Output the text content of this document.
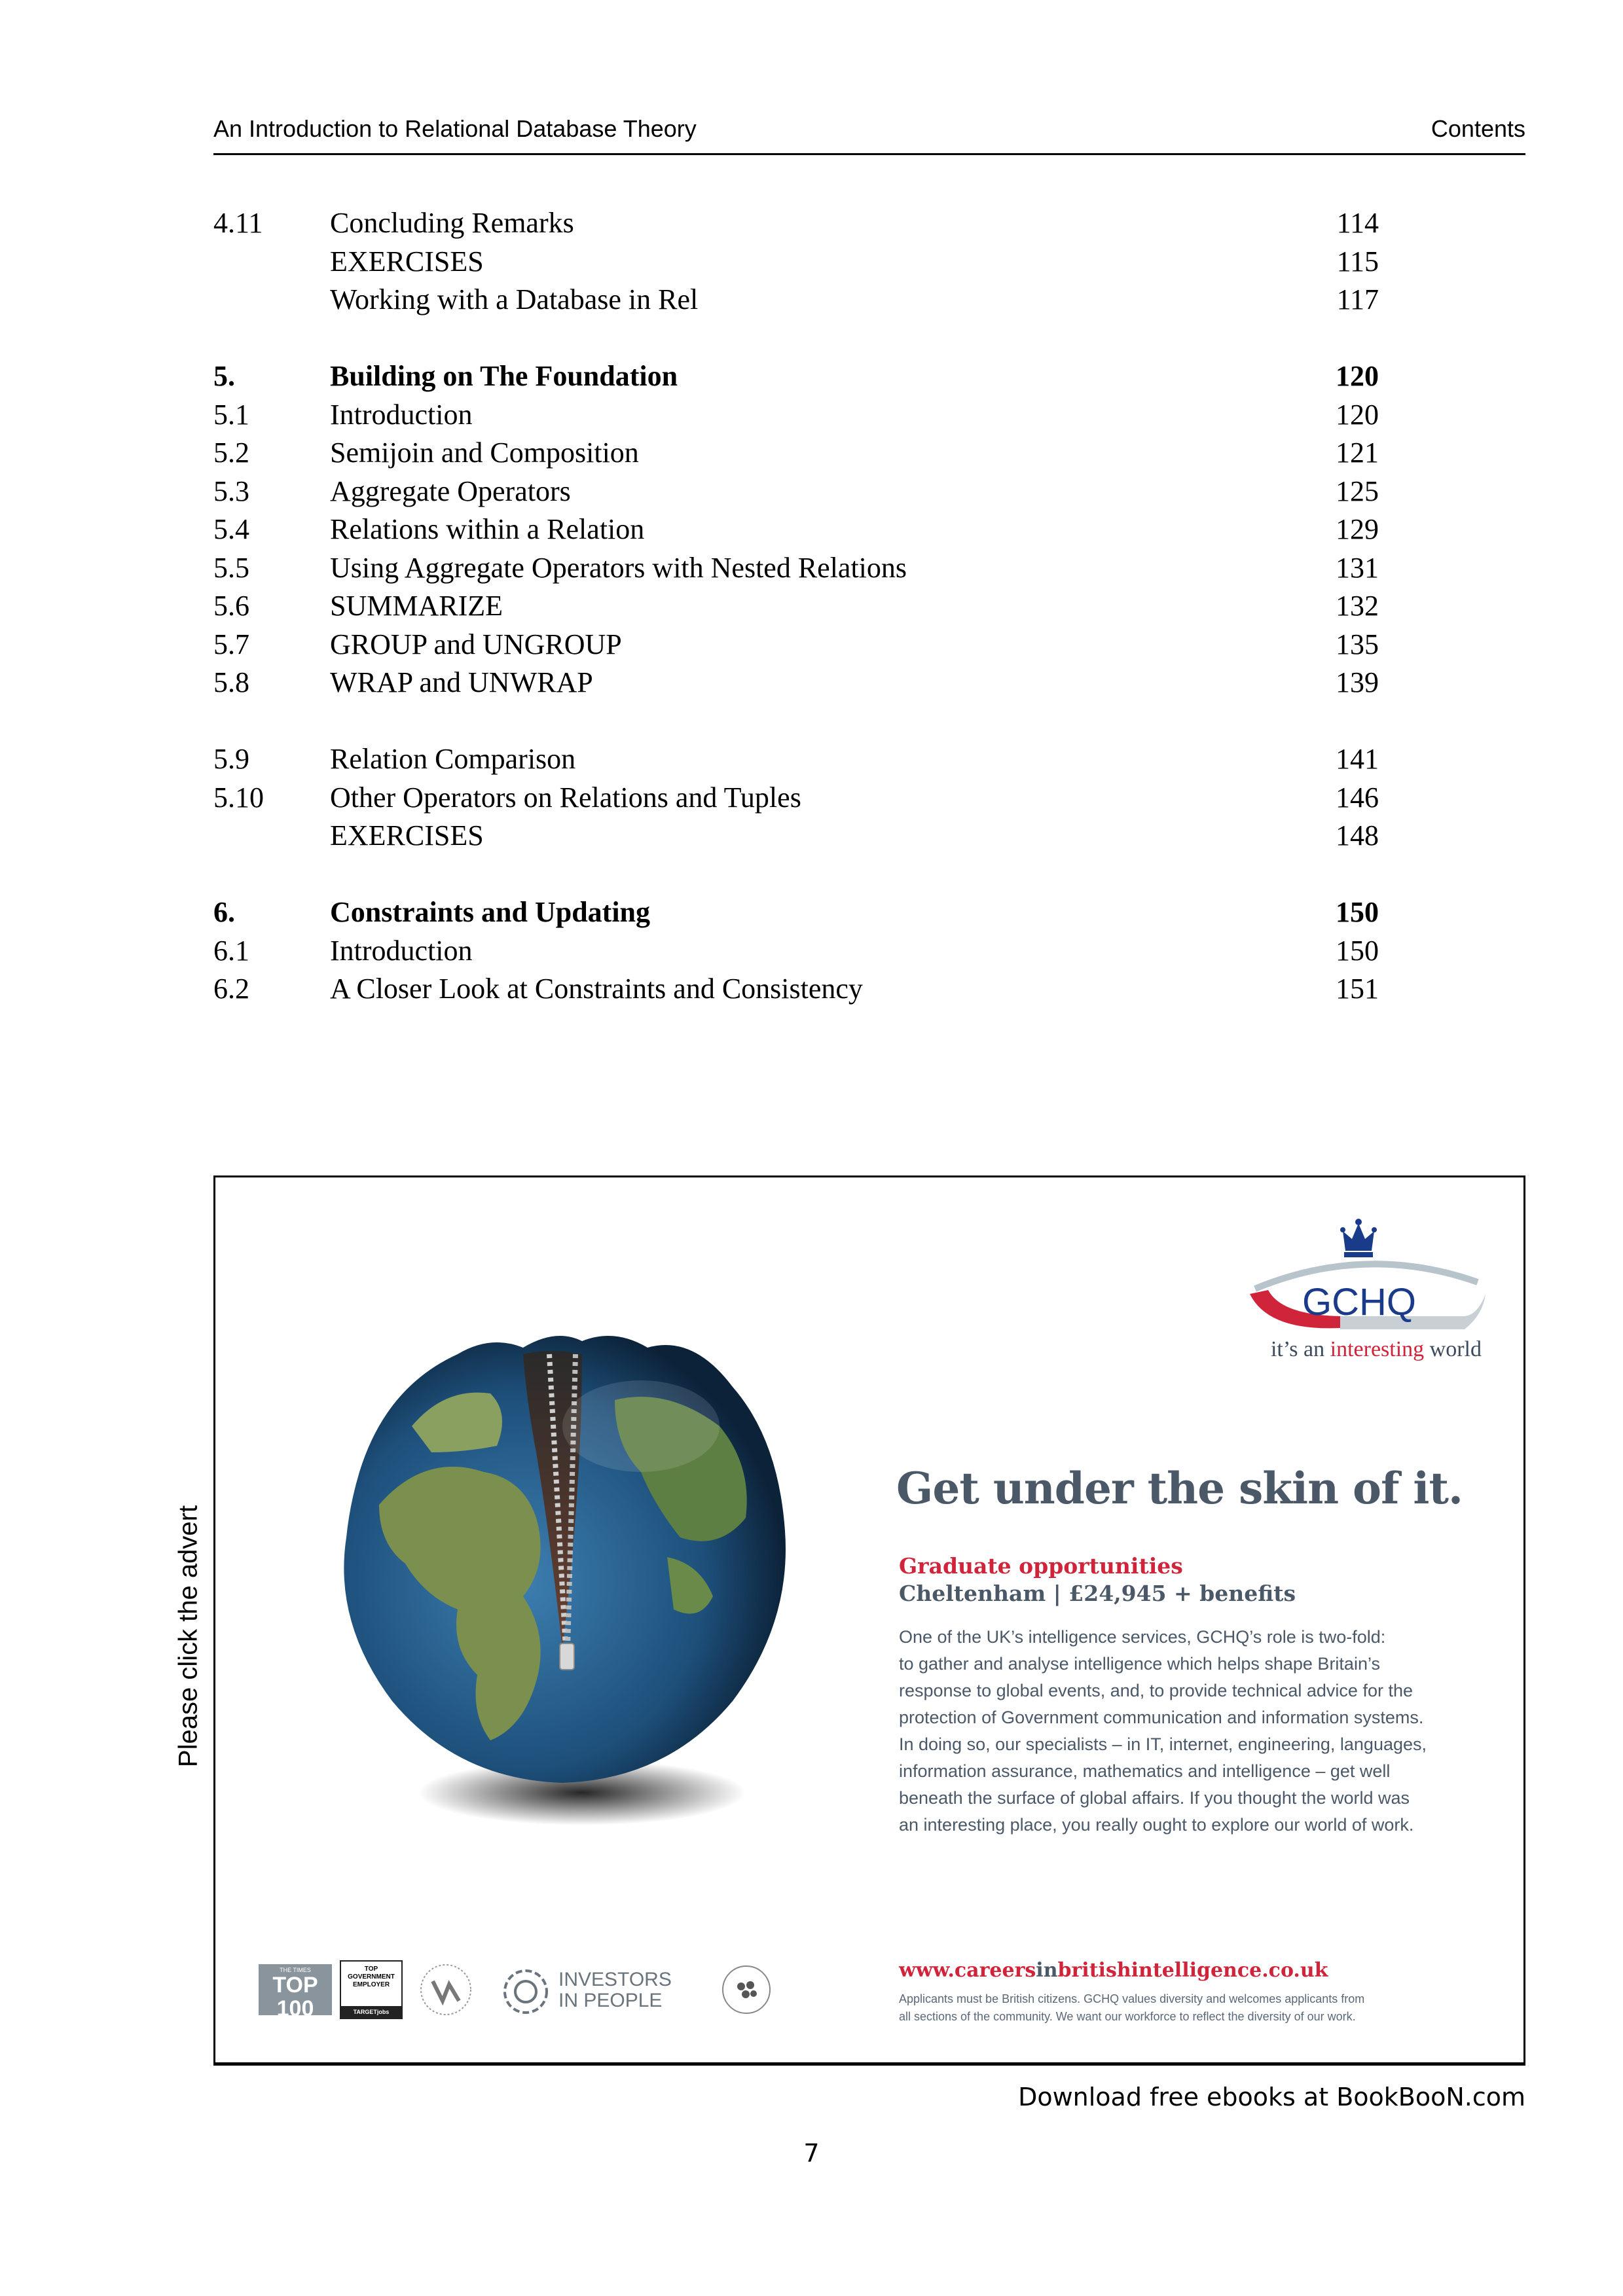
An Introduction to Relational Database Theory	Contents
4.11 Concluding Remarks	114
EXERCISES	115
Working with a Database in Rel	117
5.	Building on The Foundation	120
5.1	Introduction	120
5.2	Semijoin and Composition	121
5.3	Aggregate Operators	125
5.4	Relations within a Relation	129
5.5	Using Aggregate Operators with Nested Relations	131
5.6	SUMMARIZE	132
5.7	GROUP and UNGROUP	135
5.8	WRAP and UNWRAP	139
5.9	Relation Comparison	141
5.10 Other Operators on Relations and Tuples	146
EXERCISES	148
6.	Constraints and Updating	150
6.1	Introduction	150
6.2	A Closer Look at Constraints and Consistency	151
Please click the advert
GCHQ
it’s an interesting world
Get under the skin of it.
Graduate opportunities
Cheltenham | £24,945 + benefits
One of the UK’s intelligence services, GCHQ’s role is two-fold:
to gather and analyse intelligence which helps shape Britain’s
response to global events, and, to provide technical advice for the
protection of Government communication and information systems.
In doing so, our specialists – in IT, internet, engineering, languages,
information assurance, mathematics and intelligence – get well
beneath the surface of global affairs. If you thought the world was
an interesting place, you really ought to explore our world of work.
www.careersinbritishintelligence.co.uk
Applicants must be British citizens. GCHQ values diversity and welcomes applicants from
all sections of the community. We want our workforce to reflect the diversity of our work.
THE TIMES
TOP 100
GRADUATE EMPLOYERS
TOP
GOVERNMENT
EMPLOYER
TARGETjobs
INVESTORS
IN PEOPLE
Download free ebooks at BookBooN.com
7
